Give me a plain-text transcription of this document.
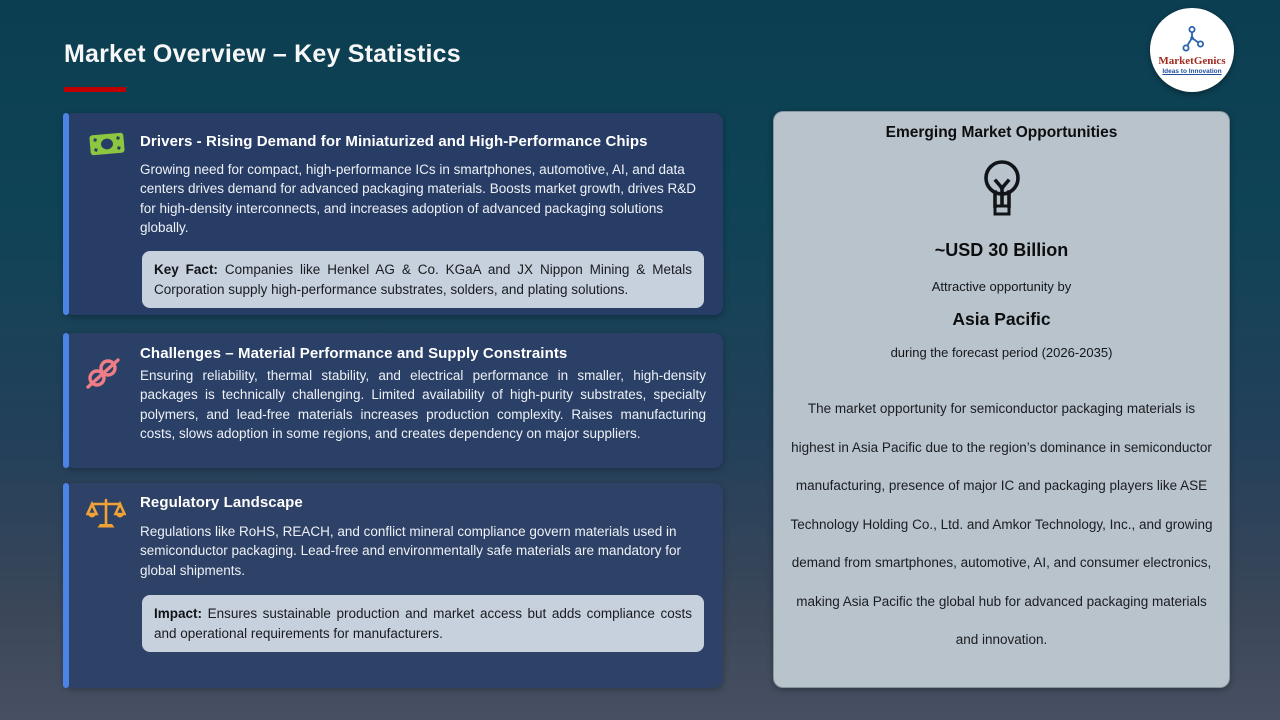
Market Overview – Key Statistics	MarketGenics
Ideas to Innovation
Drivers - Rising Demand for Miniaturized and High-Performance Chips

Growing need for compact, high-performance ICs in smartphones, automotive, AI, and data centers drives demand for advanced packaging materials. Boosts market growth, drives R&D for high-density interconnects, and increases adoption of advanced packaging solutions globally.

Key Fact: Companies like Henkel AG & Co. KGaA and JX Nippon Mining & Metals Corporation supply high-performance substrates, solders, and plating solutions.
Challenges – Material Performance and Supply Constraints

Ensuring reliability, thermal stability, and electrical performance in smaller, high-density packages is technically challenging. Limited availability of high-purity substrates, specialty polymers, and lead-free materials increases production complexity. Raises manufacturing costs, slows adoption in some regions, and creates dependency on major suppliers.

Regulatory Landscape

Regulations like RoHS, REACH, and conflict mineral compliance govern materials used in semiconductor packaging. Lead-free and environmentally safe materials are mandatory for global shipments.

Impact: Ensures sustainable production and market access but adds compliance costs and operational requirements for manufacturers.
Emerging Market Opportunities

~USD 30 Billion

Attractive opportunity by

Asia Pacific

during the forecast period (2026-2035)

The market opportunity for semiconductor packaging materials is highest in Asia Pacific due to the region’s dominance in semiconductor manufacturing, presence of major IC and packaging players like ASE Technology Holding Co., Ltd. and Amkor Technology, Inc., and growing demand from smartphones, automotive, AI, and consumer electronics, making Asia Pacific the global hub for advanced packaging materials and innovation.
